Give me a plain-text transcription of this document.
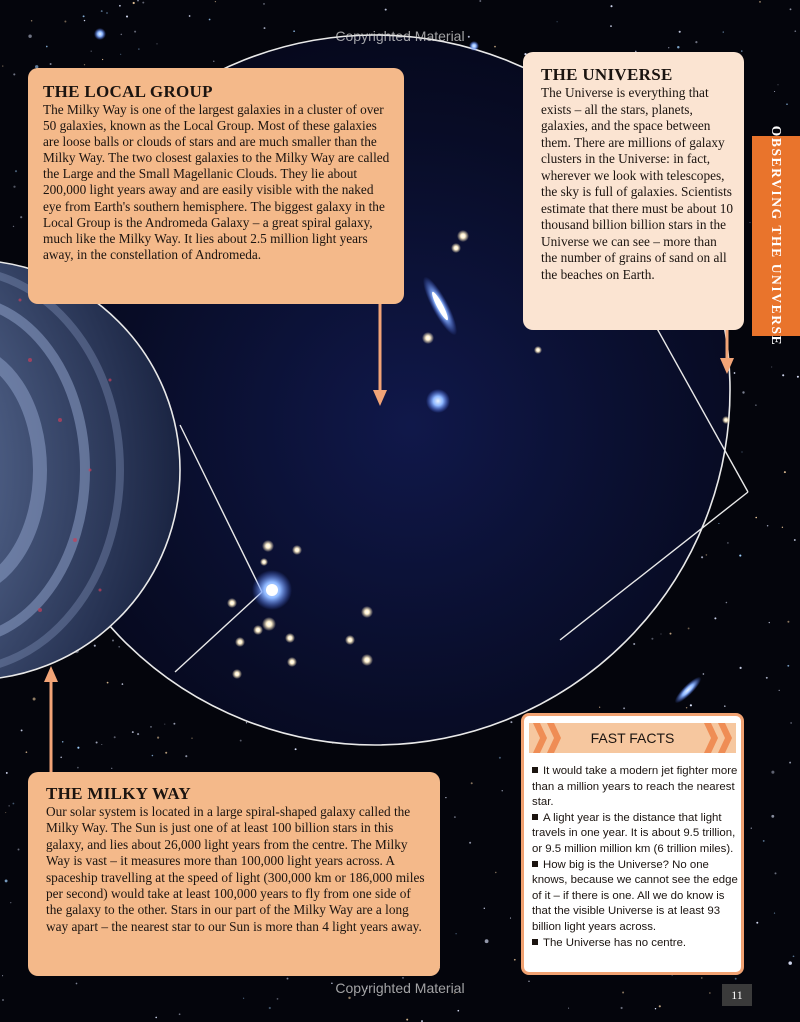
Copyrighted Material
THE LOCAL GROUP

The Milky Way is one of the largest galaxies in a cluster of over 50 galaxies, known as the Local Group. Most of these galaxies are loose balls or clouds of stars and are much smaller than the Milky Way. The two closest galaxies to the Milky Way are called the Large and the Small Magellanic Clouds. They lie about 200,000 light years away and are easily visible with the naked eye from Earth's southern hemisphere. The biggest galaxy in the Local Group is the Andromeda Galaxy – a great spiral galaxy, much like the Milky Way. It lies about 2.5 million light years away, in the constellation of Andromeda.

THE UNIVERSE

The Universe is everything that exists – all the stars, planets, galaxies, and the space between them. There are millions of galaxy clusters in the Universe: in fact, wherever we look with telescopes, the sky is full of galaxies. Scientists estimate that there must be about 10 thousand billion billion stars in the Universe we can see – more than the number of grains of sand on all the beaches on Earth.	OBSERVING THE UNIVERSE
THE MILKY WAY

Our solar system is located in a large spiral-shaped galaxy called the Milky Way. The Sun is just one of at least 100 billion stars in this galaxy, and lies about 26,000 light years from the centre. The Milky Way is vast – it measures more than 100,000 light years across. A spaceship travelling at the speed of light (300,000 km or 186,000 miles per second) would take at least 100,000 years to fly from one side of the galaxy to the other. Stars in our part of the Milky Way are a long way apart – the nearest star to our Sun is more than 4 light years away.

FAST FACTS
It would take a modern jet fighter more than a million years to reach the nearest star.
A light year is the distance that light travels in one year. It is about 9.5 trillion, or 9.5 million million km (6 trillion miles).
How big is the Universe? No one knows, because we cannot see the edge of it – if there is one. All we do know is that the visible Universe is at least 93 billion light years across.
The Universe has no centre.
Copyrighted Material	11
